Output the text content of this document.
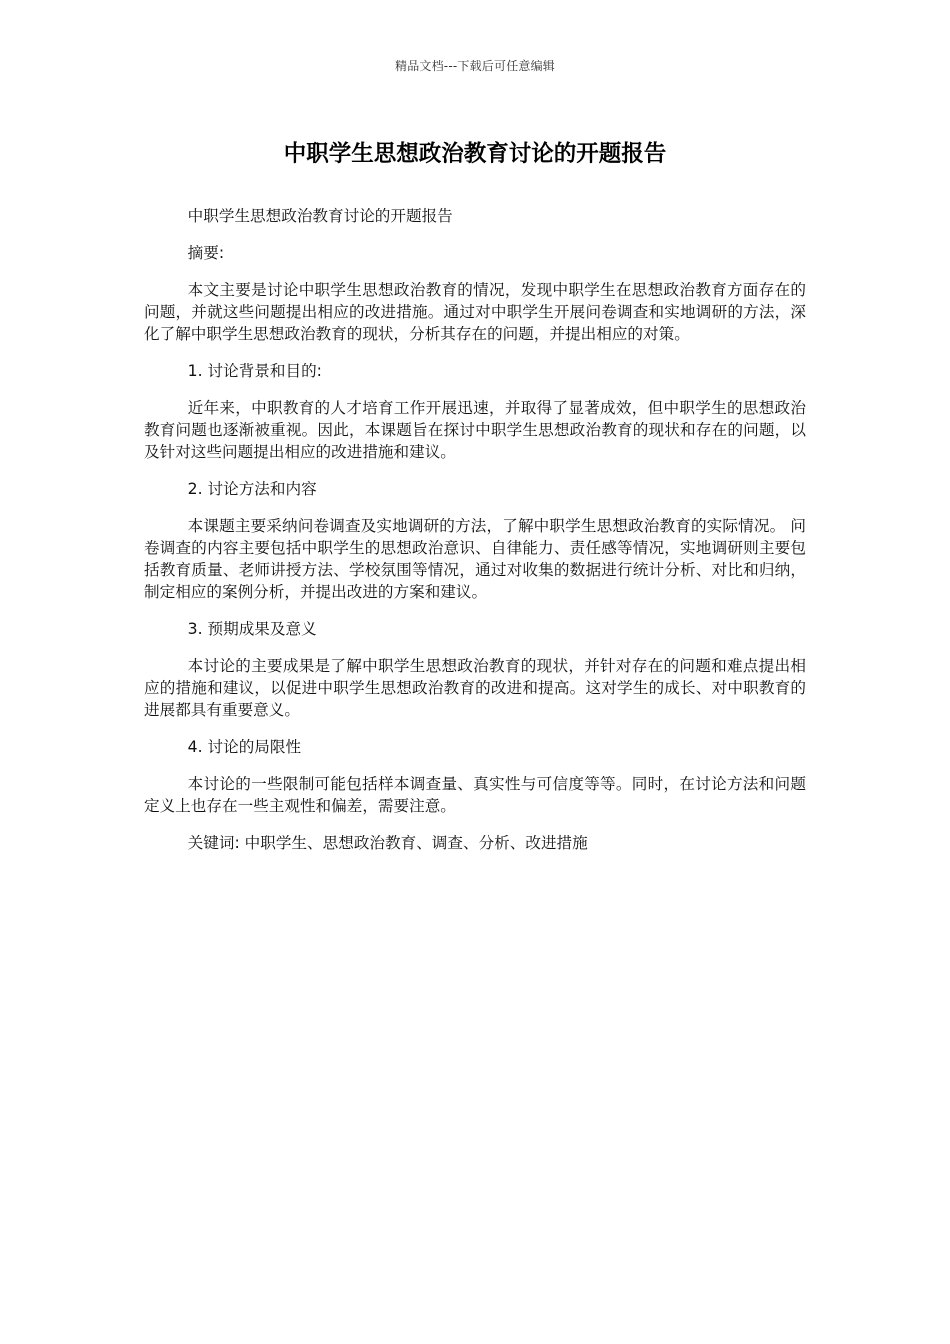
精品文档---下载后可任意编辑
中职学生思想政治教育讨论的开题报告

中职学生思想政治教育讨论的开题报告

摘要:

本文主要是讨论中职学生思想政治教育的情况，发现中职学生在思想政治教育方面存在的问题，并就这些问题提出相应的改进措施。通过对中职学生开展问卷调查和实地调研的方法，深化了解中职学生思想政治教育的现状，分析其存在的问题，并提出相应的对策。

1. 讨论背景和目的:

近年来，中职教育的人才培育工作开展迅速，并取得了显著成效，但中职学生的思想政治教育问题也逐渐被重视。因此，本课题旨在探讨中职学生思想政治教育的现状和存在的问题，以及针对这些问题提出相应的改进措施和建议。

2. 讨论方法和内容

本课题主要采纳问卷调查及实地调研的方法，了解中职学生思想政治教育的实际情况。 问卷调查的内容主要包括中职学生的思想政治意识、自律能力、责任感等情况，实地调研则主要包括教育质量、老师讲授方法、学校氛围等情况，通过对收集的数据进行统计分析、对比和归纳，制定相应的案例分析，并提出改进的方案和建议。

3. 预期成果及意义

本讨论的主要成果是了解中职学生思想政治教育的现状，并针对存在的问题和难点提出相应的措施和建议，以促进中职学生思想政治教育的改进和提高。这对学生的成长、对中职教育的进展都具有重要意义。

4. 讨论的局限性

本讨论的一些限制可能包括样本调查量、真实性与可信度等等。同时，在讨论方法和问题定义上也存在一些主观性和偏差，需要注意。

关键词: 中职学生、思想政治教育、调查、分析、改进措施
